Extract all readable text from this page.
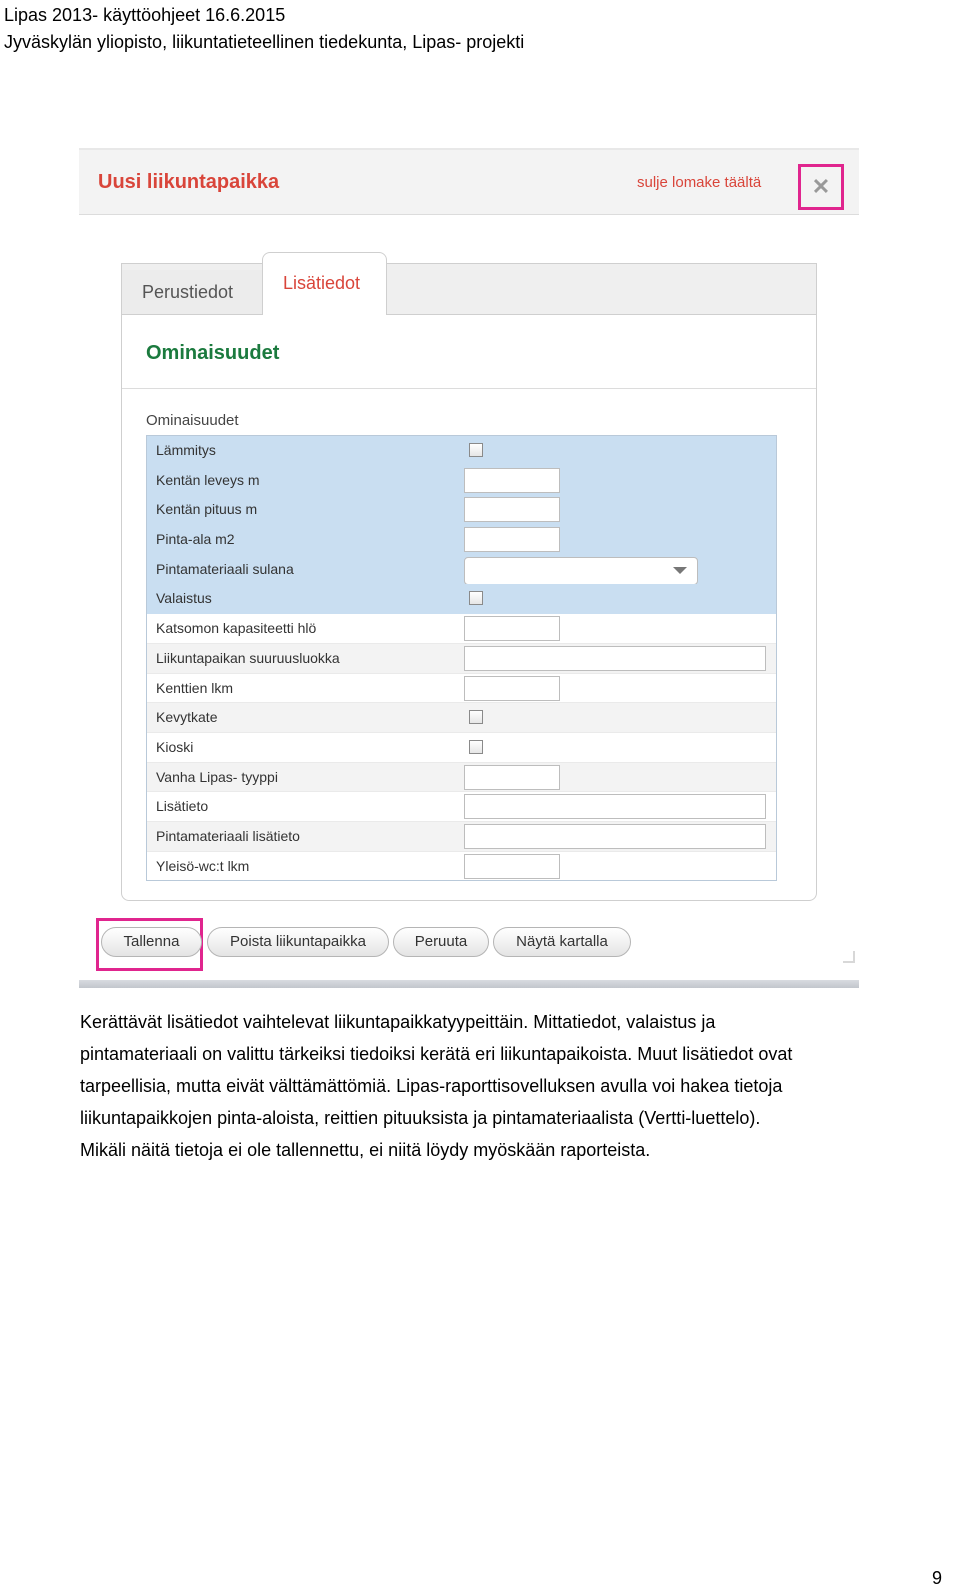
Lipas 2013- käyttöohjeet 16.6.2015
Jyväskylän yliopisto, liikuntatieteellinen tiedekunta, Lipas- projekti
Uusi liikuntapaikka	sulje lomake täältä	✕
Perustiedot	Lisätiedot
Ominaisuudet
Ominaisuudet
Lämmitys
Kentän leveys m
Kentän pituus m
Pinta-ala m2
Pintamateriaali sulana
Valaistus
Katsomon kapasiteetti hlö
Liikuntapaikan suuruusluokka
Kenttien lkm
Kevytkate
Kioski
Vanha Lipas- tyyppi
Lisätieto
Pintamateriaali lisätieto
Yleisö-wc:t lkm
Tallenna	Poista liikuntapaikka	Peruuta	Näytä kartalla
Kerättävät lisätiedot vaihtelevat liikuntapaikkatyypeittäin. Mittatiedot, valaistus ja
pintamateriaali on valittu tärkeiksi tiedoiksi kerätä eri liikuntapaikoista. Muut lisätiedot ovat
tarpeellisia, mutta eivät välttämättömiä. Lipas-raporttisovelluksen avulla voi hakea tietoja
liikuntapaikkojen pinta-aloista, reittien pituuksista ja pintamateriaalista (Vertti-luettelo).
Mikäli näitä tietoja ei ole tallennettu, ei niitä löydy myöskään raporteista.
9
